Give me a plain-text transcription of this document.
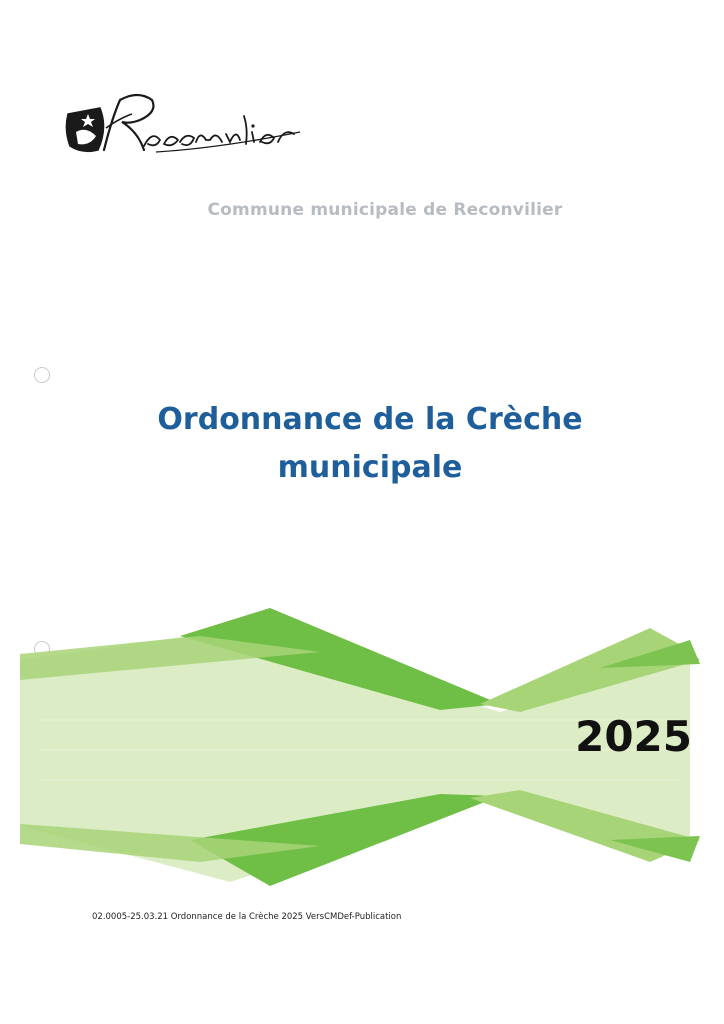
Commune municipale de Reconvilier
Ordonnance de la Crèche
municipale
2025
02.0005-25.03.21 Ordonnance de la Crèche 2025 VersCMDef-Publication
